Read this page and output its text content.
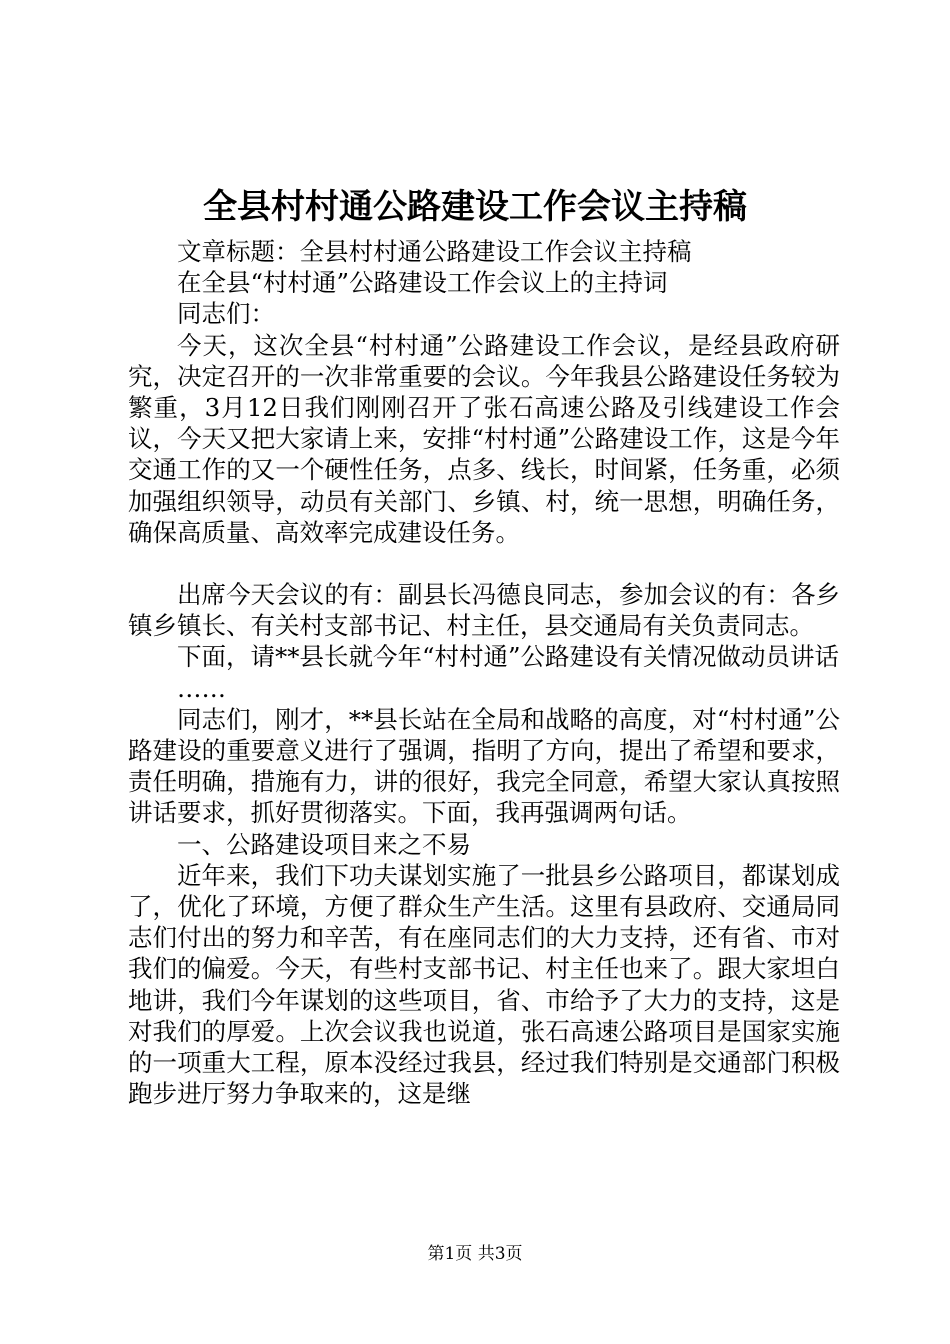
全县村村通公路建设工作会议主持稿

文章标题：全县村村通公路建设工作会议主持稿

在全县“村村通”公路建设工作会议上的主持词

同志们：

今天，这次全县“村村通”公路建设工作会议，是经县政府研究，决定召开的一次非常重要的会议。今年我县公路建设任务较为繁重，3月12日我们刚刚召开了张石高速公路及引线建设工作会议，今天又把大家请上来，安排“村村通”公路建设工作，这是今年交通工作的又一个硬性任务，点多、线长，时间紧，任务重，必须加强组织领导，动员有关部门、乡镇、村，统一思想，明确任务，确保高质量、高效率完成建设任务。

出席今天会议的有：副县长冯德良同志，参加会议的有：各乡镇乡镇长、有关村支部书记、村主任，县交通局有关负责同志。

下面，请**县长就今年“村村通”公路建设有关情况做动员讲话

……

同志们，刚才，**县长站在全局和战略的高度，对“村村通”公路建设的重要意义进行了强调，指明了方向，提出了希望和要求，责任明确，措施有力，讲的很好，我完全同意，希望大家认真按照讲话要求，抓好贯彻落实。下面，我再强调两句话。

一、公路建设项目来之不易

近年来，我们下功夫谋划实施了一批县乡公路项目，都谋划成了，优化了环境，方便了群众生产生活。这里有县政府、交通局同志们付出的努力和辛苦，有在座同志们的大力支持，还有省、市对我们的偏爱。今天，有些村支部书记、村主任也来了。跟大家坦白地讲，我们今年谋划的这些项目，省、市给予了大力的支持，这是对我们的厚爱。上次会议我也说道，张石高速公路项目是国家实施的一项重大工程，原本没经过我县，经过我们特别是交通部门积极跑步进厅努力争取来的，这是继

第1页 共3页
